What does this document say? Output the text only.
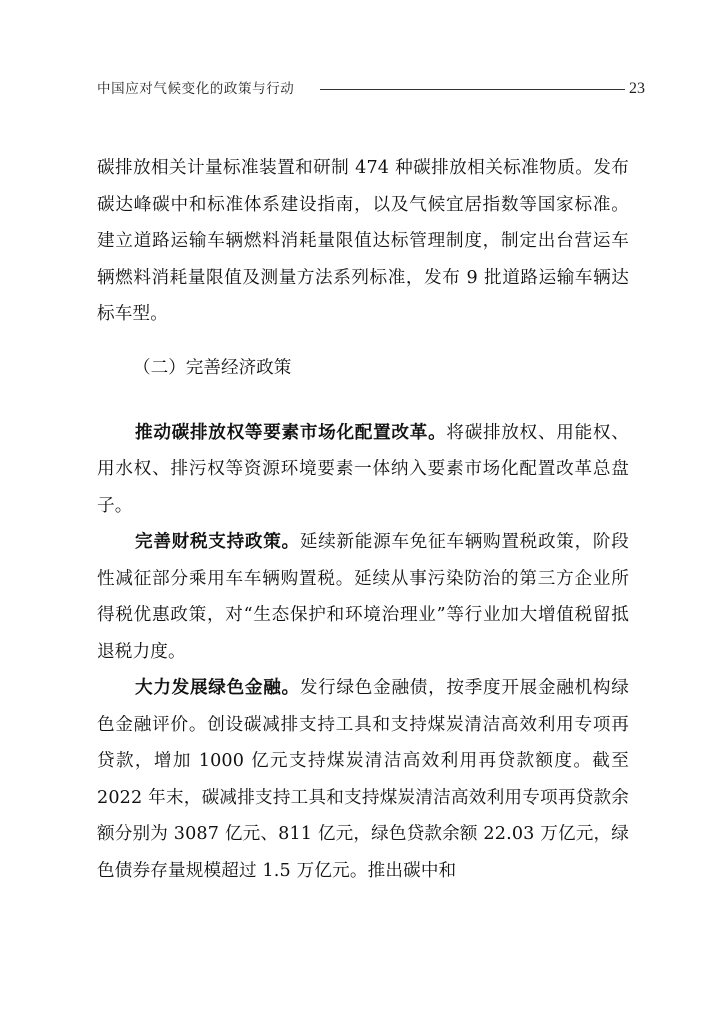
中国应对气候变化的政策与行动	23

碳排放相关计量标准装置和研制 474 种碳排放相关标准物质。发布碳达峰碳中和标准体系建设指南，以及气候宜居指数等国家标准。建立道路运输车辆燃料消耗量限值达标管理制度，制定出台营运车辆燃料消耗量限值及测量方法系列标准，发布 9 批道路运输车辆达标车型。

（二）完善经济政策

推动碳排放权等要素市场化配置改革。将碳排放权、用能权、用水权、排污权等资源环境要素一体纳入要素市场化配置改革总盘子。

完善财税支持政策。延续新能源车免征车辆购置税政策，阶段性减征部分乘用车车辆购置税。延续从事污染防治的第三方企业所得税优惠政策，对“生态保护和环境治理业”等行业加大增值税留抵退税力度。

大力发展绿色金融。发行绿色金融债，按季度开展金融机构绿色金融评价。创设碳减排支持工具和支持煤炭清洁高效利用专项再贷款，增加 1000 亿元支持煤炭清洁高效利用再贷款额度。截至 2022 年末，碳减排支持工具和支持煤炭清洁高效利用专项再贷款余额分别为 3087 亿元、811 亿元，绿色贷款余额 22.03 万亿元，绿色债券存量规模超过 1.5 万亿元。推出碳中和
